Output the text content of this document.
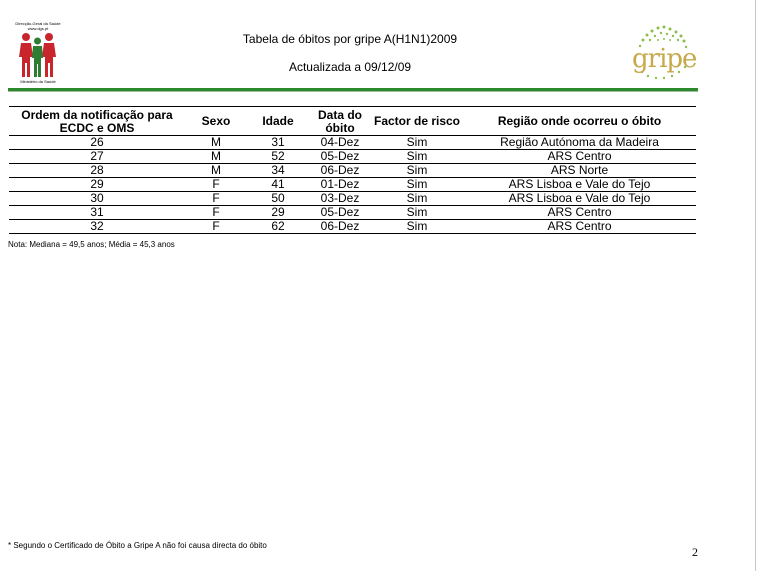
Direcção-Geral da Saúde
www.dgs.pt
Ministério da Saúde
Tabela de óbitos por gripe A(H1N1)2009
Actualizada a 09/12/09	gripe
Ordem da notificação para ECDC e OMS	Sexo	Idade	Data do óbito	Factor de risco	Região onde ocorreu o óbito
26	M	31	04-Dez	Sim	Região Autónoma da Madeira
27	M	52	05-Dez	Sim	ARS Centro
28	M	34	06-Dez	Sim	ARS Norte
29	F	41	01-Dez	Sim	ARS Lisboa e Vale do Tejo
30	F	50	03-Dez	Sim	ARS Lisboa e Vale do Tejo
31	F	29	05-Dez	Sim	ARS Centro
32	F	62	06-Dez	Sim	ARS Centro
Nota: Mediana = 49,5 anos; Média = 45,3 anos
* Segundo o Certificado de Óbito a Gripe A não foi causa directa do óbito	2
